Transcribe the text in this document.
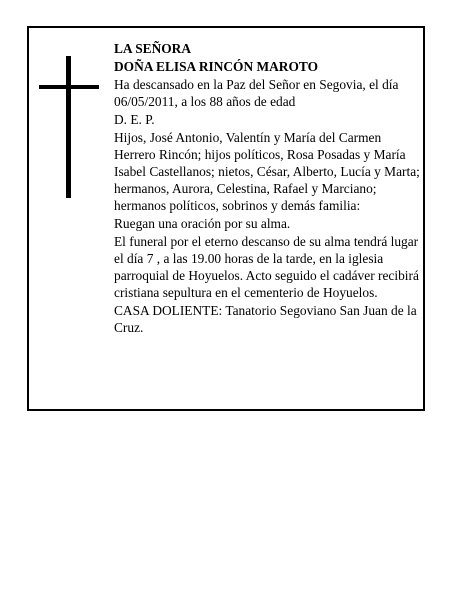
LA SEÑORA

DOÑA ELISA RINCÓN MAROTO

Ha descansado en la Paz del Señor en Segovia, el día 06/05/2011, a los 88 años de edad

D. E. P.

Hijos, José Antonio, Valentín y María del Carmen Herrero Rincón; hijos políticos, Rosa Posadas y María Isabel Castellanos; nietos, César, Alberto, Lucía y Marta; hermanos, Aurora, Celestina, Rafael y Marciano; hermanos políticos, sobrinos y demás familia:

Ruegan una oración por su alma.

El funeral por el eterno descanso de su alma tendrá lugar el día 7 , a las 19.00 horas de la tarde, en la iglesia parroquial de Hoyuelos. Acto seguido el cadáver recibirá cristiana sepultura en el cementerio de Hoyuelos.

CASA DOLIENTE: Tanatorio Segoviano San Juan de la Cruz.
